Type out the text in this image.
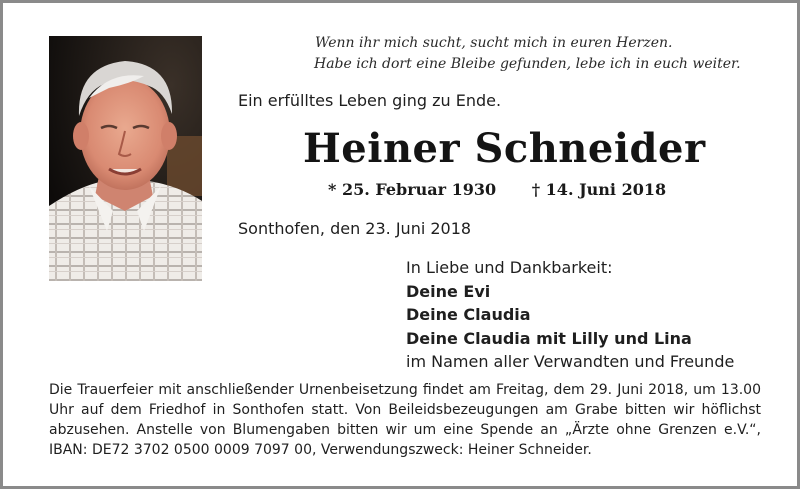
Wenn ihr mich sucht, sucht mich in euren Herzen.
Habe ich dort eine Bleibe gefunden, lebe ich in euch weiter.
Ein erfülltes Leben ging zu Ende.
Heiner Schneider
* 25. Februar 1930 † 14. Juni 2018
Sonthofen, den 23. Juni 2018
In Liebe und Dankbarkeit:
Deine Evi
Deine Claudia
Deine Claudia mit Lilly und Lina
im Namen aller Verwandten und Freunde
Die Trauerfeier mit anschließender Urnenbeisetzung findet am Freitag, dem 29. Juni 2018, um 13.00 Uhr auf dem Friedhof in Sonthofen statt. Von Beileidsbezeugungen am Grabe bitten wir höflichst abzusehen. Anstelle von Blumengaben bitten wir um eine Spende an „Ärzte ohne Grenzen e.V.“, IBAN: DE72 3702 0500 0009 7097 00, Verwendungszweck: Heiner Schneider.
